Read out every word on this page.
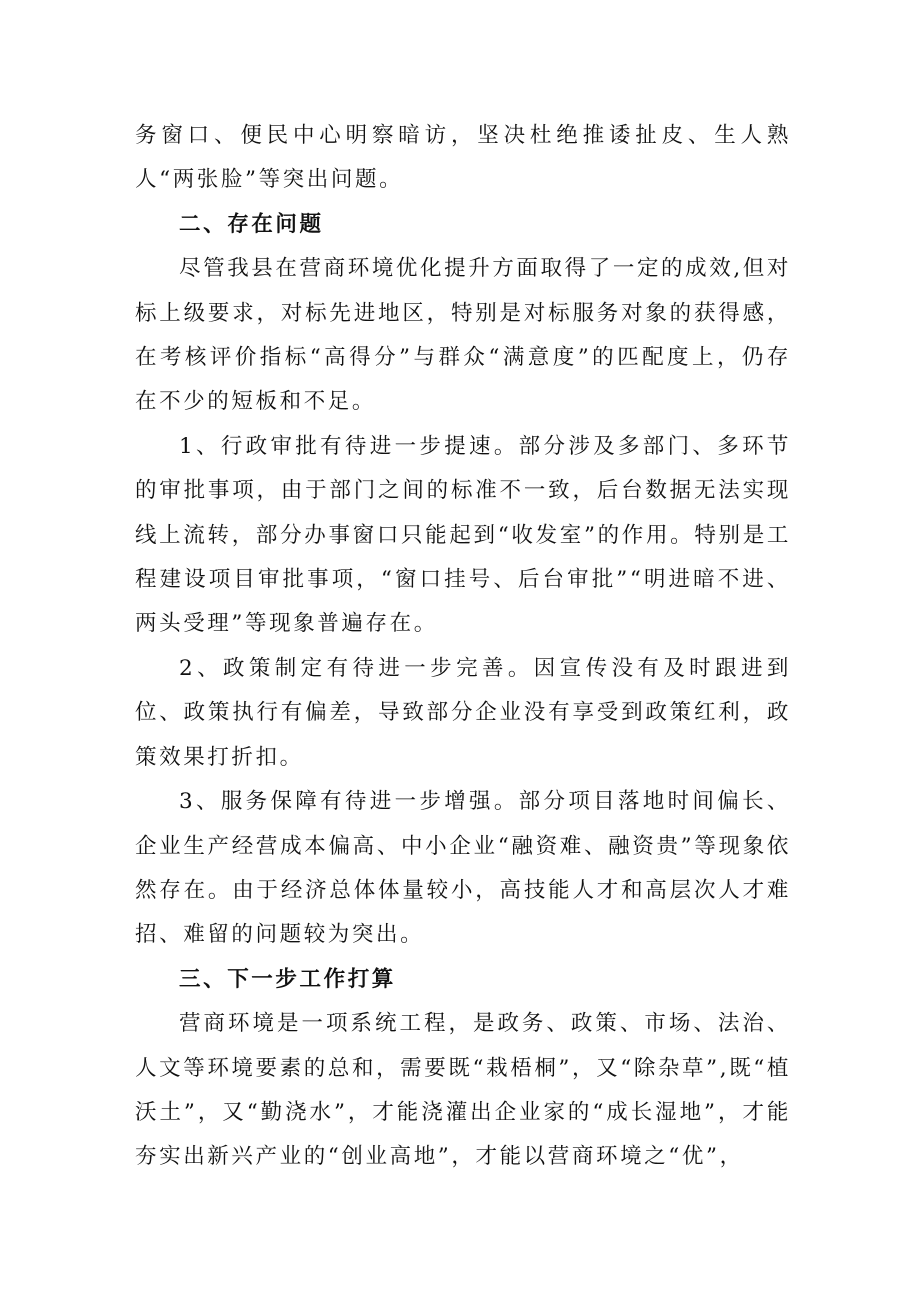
务窗口、便民中心明察暗访，坚决杜绝推诿扯皮、生人熟人“两张脸”等突出问题。

二、存在问题

尽管我县在营商环境优化提升方面取得了一定的成效,但对标上级要求，对标先进地区，特别是对标服务对象的获得感，在考核评价指标“高得分”与群众“满意度”的匹配度上，仍存在不少的短板和不足。

1、行政审批有待进一步提速。部分涉及多部门、多环节的审批事项，由于部门之间的标准不一致，后台数据无法实现线上流转，部分办事窗口只能起到“收发室”的作用。特别是工程建设项目审批事项，“窗口挂号、后台审批”“明进暗不进、两头受理”等现象普遍存在。

2、政策制定有待进一步完善。因宣传没有及时跟进到位、政策执行有偏差，导致部分企业没有享受到政策红利，政策效果打折扣。

3、服务保障有待进一步增强。部分项目落地时间偏长、企业生产经营成本偏高、中小企业“融资难、融资贵”等现象依然存在。由于经济总体体量较小，高技能人才和高层次人才难招、难留的问题较为突出。

三、下一步工作打算

营商环境是一项系统工程，是政务、政策、市场、法治、人文等环境要素的总和，需要既“栽梧桐”，又“除杂草”,既“植沃土”，又“勤浇水”，才能浇灌出企业家的“成长湿地”，才能夯实出新兴产业的“创业高地”，才能以营商环境之“优”，
